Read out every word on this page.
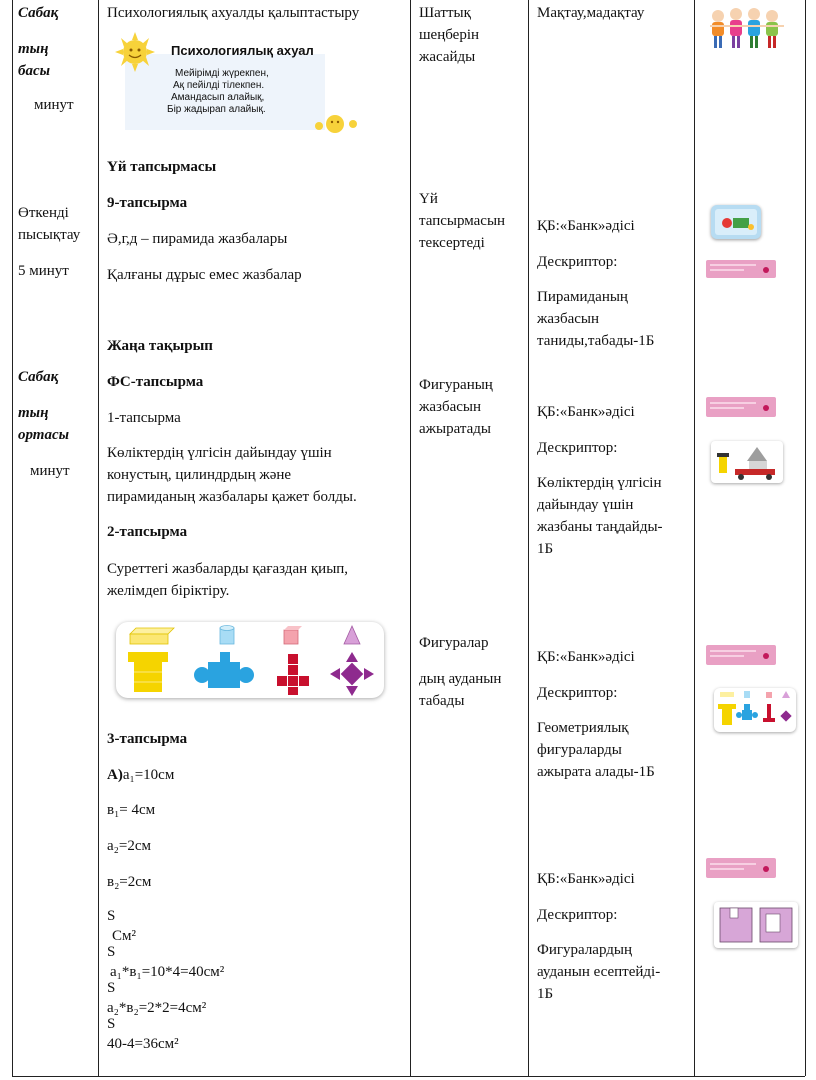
Сабақ
тың
басы
минут
Өткенді
пысықтау
5 минут
Сабақ
тың
ортасы
минут
Психологиялық ахуалды қалыптастыру
Психологиялық ахуал
Мейірімді жүрекпен,
Ақ пейілді тілекпен.
Амандасып алайық,
Бір жадырап алайық.
Үй тапсырмасы
9-тапсырма
Ә,г,д – пирамида жазбалары
Қалғаны дұрыс емес жазбалар
Жаңа тақырып
ФС-тапсырма
1-тапсырма
Көліктердің үлгісін дайындау үшін
конустың, цилиндрдың және
пирамиданың жазбалары қажет болды.
2-тапсырма
Суреттегі жазбаларды қағаздан қиып,
желімдеп біріктіру.
3-тапсырма
А)а₁=10см
в₁= 4см
а₂=2см
в₂=2см
S
См²
S
а₁*в₁=10*4=40см²
S
а₂*в₂=2*2=4см²
S
40-4=36см²
Шаттық
шеңберін
жасайды
Үй
тапсырмасын
тексертеді
Фигураның
жазбасын
ажыратады
Фигуралар
дың ауданын
табады
Мақтау,мадақтау
ҚБ:«Банк»әдісі
Дескриптор:
Пирамиданың
жазбасын
таниды,табады-1Б
ҚБ:«Банк»әдісі
Дескриптор:
Көліктердің үлгісін
дайындау үшін
жазбаны таңдайды-
1Б
ҚБ:«Банк»әдісі
Дескриптор:
Геометриялық
фигураларды
ажырата алады-1Б
ҚБ:«Банк»әдісі
Дескриптор:
Фигуралардың
ауданын есептейді-
1Б
